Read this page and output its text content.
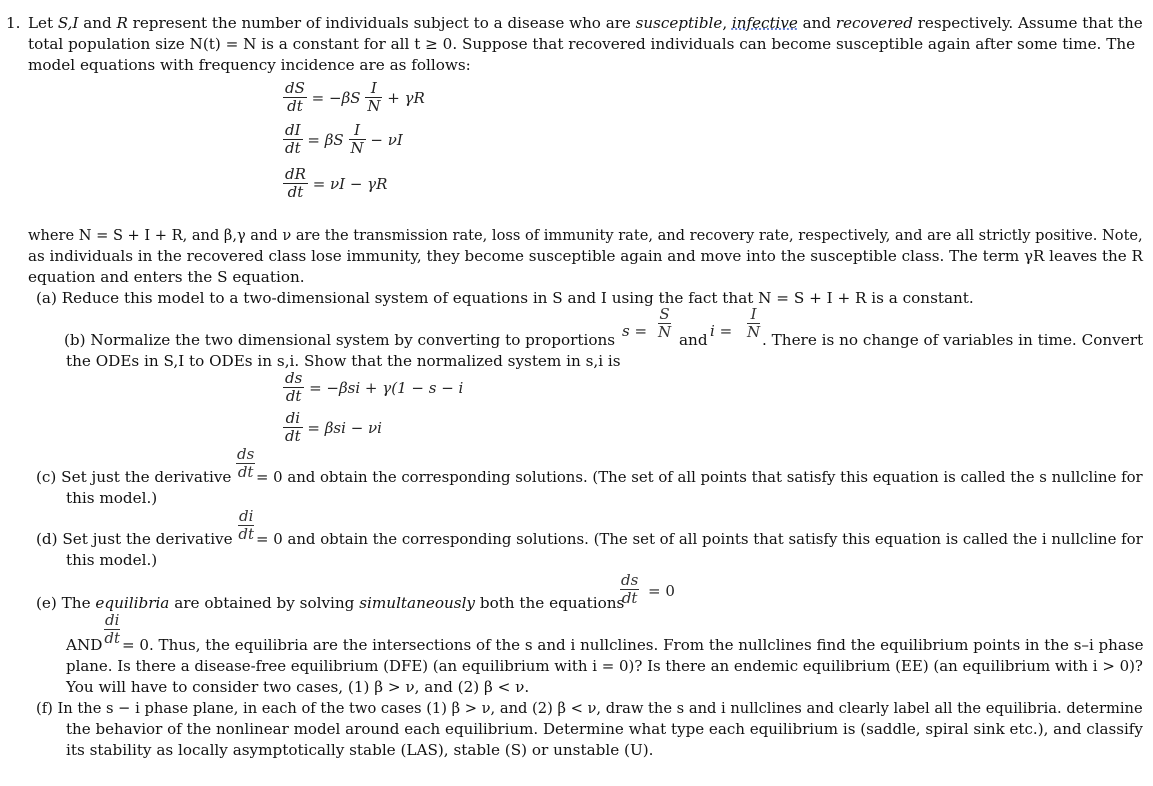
1. Let S,I and R represent the number of individuals subject to a disease who are susceptible, infective and recovered respectively. Assume that the
total population size N(t) = N is a constant for all t ≥ 0. Suppose that recovered individuals can become susceptible again after some time. The
model equations with frequency incidence are as follows:
$\frac{dS}{dt} = -\beta S \frac{I}{N} + \gamma R$
$\frac{dI}{dt} = \beta S \frac{I}{N} - \nu I$
$\frac{dR}{dt} = \nu I - \gamma R$
where N = S + I + R, and β,γ and ν are the transmission rate, loss of immunity rate, and recovery rate, respectively, and are all strictly positive. Note,
as individuals in the recovered class lose immunity, they become susceptible again and move into the susceptible class. The term γR leaves the R
equation and enters the S equation.
(a) Reduce this model to a two-dimensional system of equations in S and I using the fact that N = S + I + R is a constant.
(b) Normalize the two dimensional system by converting to proportions $s = \frac{S}{N}$ and $i = \frac{I}{N}$ . There is no change of variables in time. Convert
the ODEs in S,I to ODEs in s,i. Show that the normalized system in s,i is
$\frac{ds}{dt} = -\beta si + \gamma(1 - s - i$
$\frac{di}{dt} = \beta si - \nu i$
$\frac{ds}{dt}$
(c) Set just the derivative = 0 and obtain the corresponding solutions. (The set of all points that satisfy this equation is called the s nullcline for
this model.)
$\frac{di}{dt}$
(d) Set just the derivative = 0 and obtain the corresponding solutions. (The set of all points that satisfy this equation is called the i nullcline for
this model.)
$\frac{ds}{dt} = 0$
(e) The equilibria are obtained by solving simultaneously both the equations
$\frac{di}{dt}$
AND = 0. Thus, the equilibria are the intersections of the s and i nullclines. From the nullclines find the equilibrium points in the s–i phase
plane. Is there a disease-free equilibrium (DFE) (an equilibrium with i = 0)? Is there an endemic equilibrium (EE) (an equilibrium with i > 0)?
You will have to consider two cases, (1) β > ν, and (2) β < ν.
(f) In the s − i phase plane, in each of the two cases (1) β > ν, and (2) β < ν, draw the s and i nullclines and clearly label all the equilibria. determine
the behavior of the nonlinear model around each equilibrium. Determine what type each equilibrium is (saddle, spiral sink etc.), and classify
its stability as locally asymptotically stable (LAS), stable (S) or unstable (U).
